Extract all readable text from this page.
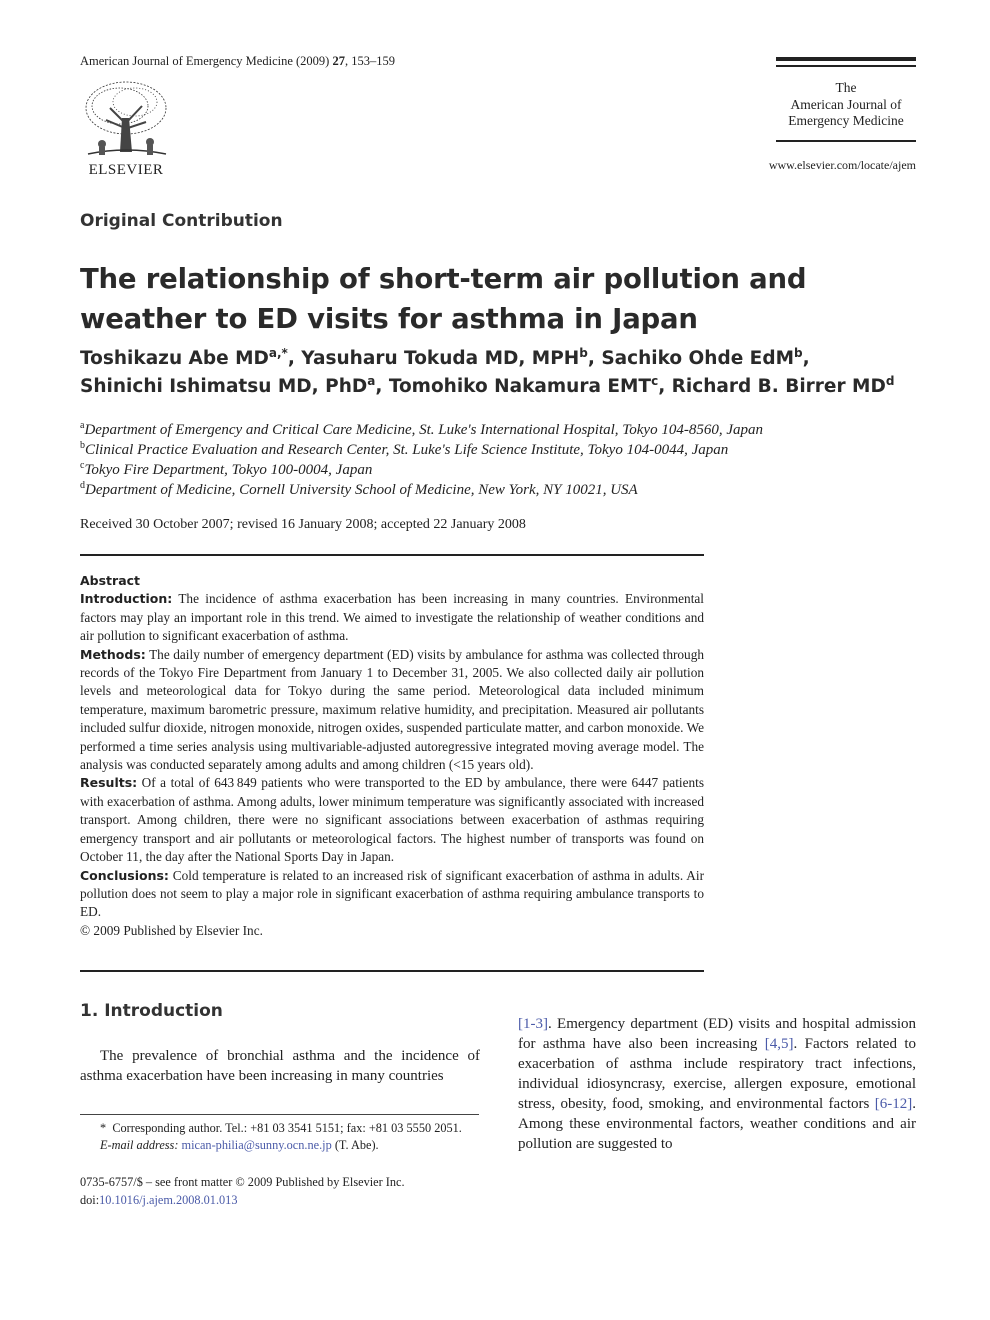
American Journal of Emergency Medicine (2009) 27, 153–159
ELSEVIER
The
American Journal of
Emergency Medicine
www.elsevier.com/locate/ajem
Original Contribution
The relationship of short-term air pollution and weather to ED visits for asthma in Japan
Toshikazu Abe $MD^{a,*}$, Yasuharu Tokuda MD, MPH$^b$, Sachiko Ohde EdM$^b$,
Shinichi Ishimatsu MD, PhD$^a$, Tomohiko Nakamura EMT$^c$, Richard B. Birrer $MD^d$
$^a$Department of Emergency and Critical Care Medicine, St. Luke's International Hospital, Tokyo 104-8560, Japan
$^b$Clinical Practice Evaluation and Research Center, St. Luke's Life Science Institute, Tokyo 104-0044, Japan
$^c$Tokyo Fire Department, Tokyo 100-0004, Japan
$^d$Department of Medicine, Cornell University School of Medicine, New York, NY 10021, USA
Received 30 October 2007; revised 16 January 2008; accepted 22 January 2008

Abstract

Introduction: The incidence of asthma exacerbation has been increasing in many countries. Environmental factors may play an important role in this trend. We aimed to investigate the relationship of weather conditions and air pollution to significant exacerbation of asthma.

Methods: The daily number of emergency department (ED) visits by ambulance for asthma was collected through records of the Tokyo Fire Department from January 1 to December 31, 2005. We also collected daily air pollution levels and meteorological data for Tokyo during the same period. Meteorological data included minimum temperature, maximum barometric pressure, maximum relative humidity, and precipitation. Measured air pollutants included sulfur dioxide, nitrogen monoxide, nitrogen oxides, suspended particulate matter, and carbon monoxide. We performed a time series analysis using multivariable-adjusted autoregressive integrated moving average model. The analysis was conducted separately among adults and among children (<15 years old).

Results: Of a total of 643 849 patients who were transported to the ED by ambulance, there were 6447 patients with exacerbation of asthma. Among adults, lower minimum temperature was significantly associated with increased transport. Among children, there were no significant associations between exacerbation of asthmas requiring emergency transport and air pollutants or meteorological factors. The highest number of transports was found on October 11, the day after the National Sports Day in Japan.

Conclusions: Cold temperature is related to an increased risk of significant exacerbation of asthma in adults. Air pollution does not seem to play a major role in significant exacerbation of asthma requiring ambulance transports to ED.

© 2009 Published by Elsevier Inc.

1. Introduction
The prevalence of bronchial asthma and the incidence of asthma exacerbation have been increasing in many countries
[1-3]. Emergency department (ED) visits and hospital admission for asthma have also been increasing [4,5]. Factors related to exacerbation of asthma include respiratory tract infections, individual idiosyncrasy, exercise, allergen exposure, emotional stress, obesity, food, smoking, and environmental factors [6-12]. Among these environmental factors, weather conditions and air pollution are suggested to
* Corresponding author. Tel.: +81 03 3541 5151; fax: +81 03 5550 2051.
E-mail address: mican-philia@sunny.ocn.ne.jp (T. Abe).
0735-6757/$ – see front matter © 2009 Published by Elsevier Inc.
doi:10.1016/j.ajem.2008.01.013
